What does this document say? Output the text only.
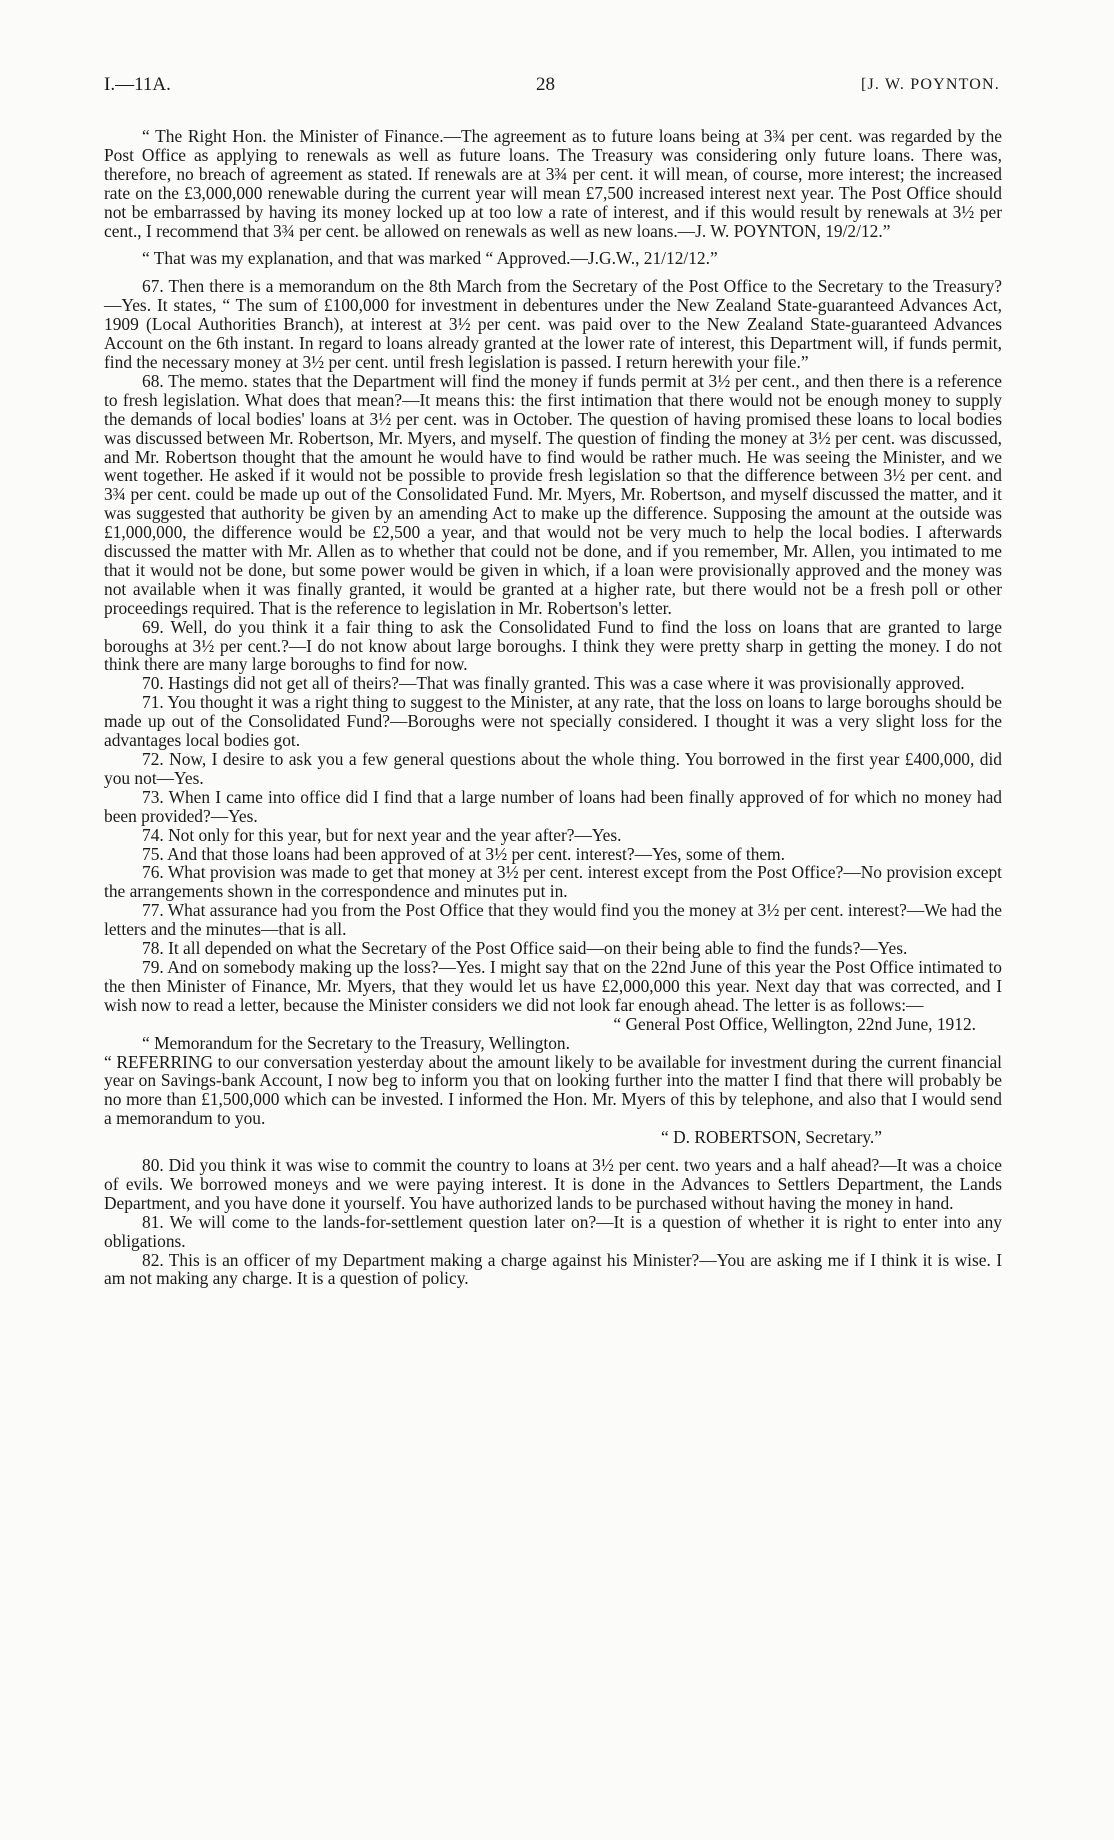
I.—11A.	28	[J. W. POYNTON.

“ The Right Hon. the Minister of Finance.—The agreement as to future loans being at 3¾ per cent. was regarded by the Post Office as applying to renewals as well as future loans. The Treasury was considering only future loans. There was, therefore, no breach of agreement as stated. If renewals are at 3¾ per cent. it will mean, of course, more interest; the increased rate on the £3,000,000 renewable during the current year will mean £7,500 increased interest next year. The Post Office should not be embarrassed by having its money locked up at too low a rate of interest, and if this would result by renewals at 3½ per cent., I recommend that 3¾ per cent. be allowed on renewals as well as new loans.—J. W. POYNTON, 19/2/12.”

“ That was my explanation, and that was marked “ Approved.—J.G.W., 21/12/12.”

67. Then there is a memorandum on the 8th March from the Secretary of the Post Office to the Secretary to the Treasury?—Yes. It states, “ The sum of £100,000 for investment in debentures under the New Zealand State-guaranteed Advances Act, 1909 (Local Authorities Branch), at interest at 3½ per cent. was paid over to the New Zealand State-guaranteed Advances Account on the 6th instant. In regard to loans already granted at the lower rate of interest, this Department will, if funds permit, find the necessary money at 3½ per cent. until fresh legislation is passed. I return herewith your file.”

68. The memo. states that the Department will find the money if funds permit at 3½ per cent., and then there is a reference to fresh legislation. What does that mean?—It means this: the first intimation that there would not be enough money to supply the demands of local bodies' loans at 3½ per cent. was in October. The question of having promised these loans to local bodies was discussed between Mr. Robertson, Mr. Myers, and myself. The question of finding the money at 3½ per cent. was discussed, and Mr. Robertson thought that the amount he would have to find would be rather much. He was seeing the Minister, and we went together. He asked if it would not be possible to provide fresh legislation so that the difference between 3½ per cent. and 3¾ per cent. could be made up out of the Consolidated Fund. Mr. Myers, Mr. Robertson, and myself discussed the matter, and it was suggested that authority be given by an amending Act to make up the difference. Supposing the amount at the outside was £1,000,000, the difference would be £2,500 a year, and that would not be very much to help the local bodies. I afterwards discussed the matter with Mr. Allen as to whether that could not be done, and if you remember, Mr. Allen, you intimated to me that it would not be done, but some power would be given in which, if a loan were provisionally approved and the money was not available when it was finally granted, it would be granted at a higher rate, but there would not be a fresh poll or other proceedings required. That is the reference to legislation in Mr. Robertson's letter.

69. Well, do you think it a fair thing to ask the Consolidated Fund to find the loss on loans that are granted to large boroughs at 3½ per cent.?—I do not know about large boroughs. I think they were pretty sharp in getting the money. I do not think there are many large boroughs to find for now.

70. Hastings did not get all of theirs?—That was finally granted. This was a case where it was provisionally approved.

71. You thought it was a right thing to suggest to the Minister, at any rate, that the loss on loans to large boroughs should be made up out of the Consolidated Fund?—Boroughs were not specially considered. I thought it was a very slight loss for the advantages local bodies got.

72. Now, I desire to ask you a few general questions about the whole thing. You borrowed in the first year £400,000, did you not—Yes.

73. When I came into office did I find that a large number of loans had been finally approved of for which no money had been provided?—Yes.

74. Not only for this year, but for next year and the year after?—Yes.

75. And that those loans had been approved of at 3½ per cent. interest?—Yes, some of them.

76. What provision was made to get that money at 3½ per cent. interest except from the Post Office?—No provision except the arrangements shown in the correspondence and minutes put in.

77. What assurance had you from the Post Office that they would find you the money at 3½ per cent. interest?—We had the letters and the minutes—that is all.

78. It all depended on what the Secretary of the Post Office said—on their being able to find the funds?—Yes.

79. And on somebody making up the loss?—Yes. I might say that on the 22nd June of this year the Post Office intimated to the then Minister of Finance, Mr. Myers, that they would let us have £2,000,000 this year. Next day that was corrected, and I wish now to read a letter, because the Minister considers we did not look far enough ahead. The letter is as follows:—

“ General Post Office, Wellington, 22nd June, 1912.

“ Memorandum for the Secretary to the Treasury, Wellington.

“ REFERRING to our conversation yesterday about the amount likely to be available for investment during the current financial year on Savings-bank Account, I now beg to inform you that on looking further into the matter I find that there will probably be no more than £1,500,000 which can be invested. I informed the Hon. Mr. Myers of this by telephone, and also that I would send a memorandum to you.

“ D. ROBERTSON, Secretary.”

80. Did you think it was wise to commit the country to loans at 3½ per cent. two years and a half ahead?—It was a choice of evils. We borrowed moneys and we were paying interest. It is done in the Advances to Settlers Department, the Lands Department, and you have done it yourself. You have authorized lands to be purchased without having the money in hand.

81. We will come to the lands-for-settlement question later on?—It is a question of whether it is right to enter into any obligations.

82. This is an officer of my Department making a charge against his Minister?—You are asking me if I think it is wise. I am not making any charge. It is a question of policy.
